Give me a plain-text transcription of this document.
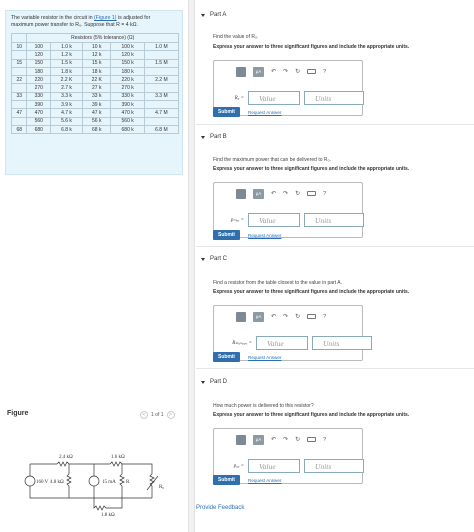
The variable resistor in the circuit in (Figure 1) is adjusted for
maximum power transfer to R₀. Suppose that R = 4 kΩ.
	Resistors (5% tolerance) (Ω)				
10	100	1.0 k	10 k	100 k	1.0 M
	120	1.2 k	12 k	120 k	
15	150	1.5 k	15 k	150 k	1.5 M
	180	1.8 k	18 k	180 k	
22	220	2.2 K	22 K	220 k	2.2 M
	270	2.7 k	27 k	270 k	
33	330	3.3 k	33 k	330 k	3.3 M
	390	3.9 k	39 k	390 k	
47	470	4.7 k	47 k	470 k	4.7 M
	560	5.6 k	56 k	560 k	
68	680	6.8 k	68 k	680 k	6.8 M
Figure	<	1 of 1	>
2.4 kΩ	1.6 kΩ
4.8 kΩ	15 mA
160 V	R
R₀
1.8 kΩ
Part A
Find the value of R₀.
Express your answer to three significant figures and include the appropriate units.
μA	↶ ↷ ↻	?
R₀ =	Value	Units
Submit	Request Answer
Part B
Find the maximum power that can be delivered to R₀.
Express your answer to three significant figures and include the appropriate units.
μA	↶ ↷ ↻	?
pₘₐₓ =	Value	Units
Submit	Request Answer
Part C
Find a resistor from the table closest to the value in part A.
Express your answer to three significant figures and include the appropriate units.
μA	↶ ↷ ↻	?
Rₛₜₐₙₑₐᵣₑ =	Value	Units
Submit	Request Answer
Part D
How much power is delivered to this resistor?
Express your answer to three significant figures and include the appropriate units.
μA	↶ ↷ ↻	?
p₀ₒ =	Value	Units
Submit	Request Answer
Provide Feedback
